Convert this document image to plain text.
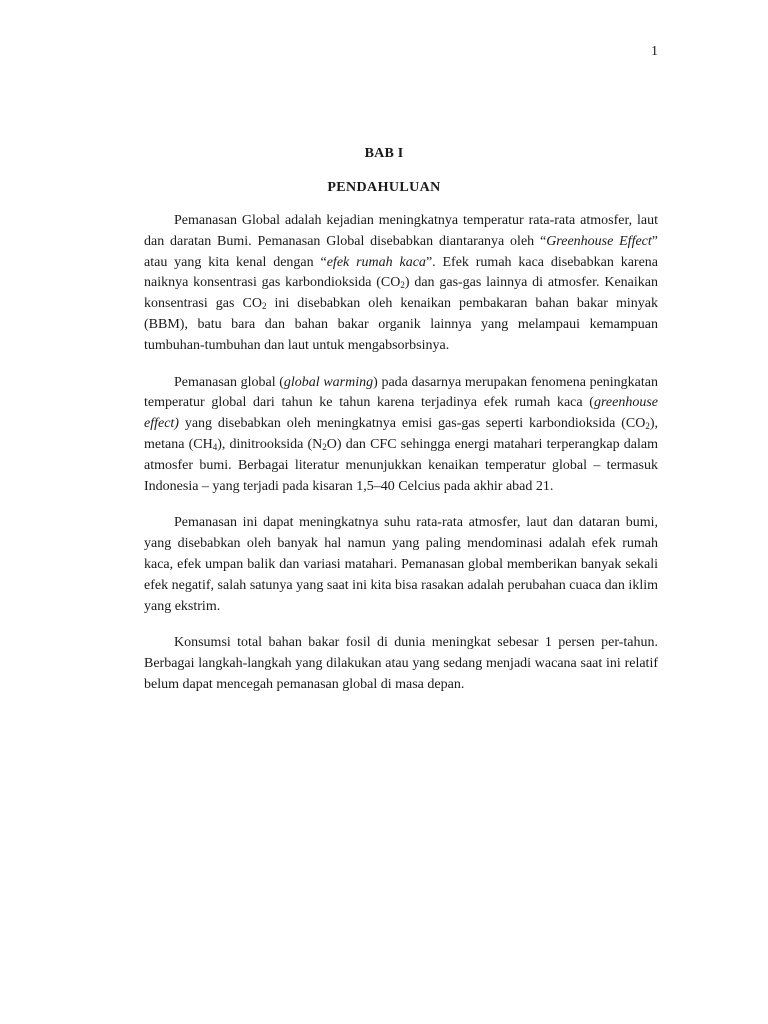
1
BAB I
PENDAHULUAN

Pemanasan Global adalah kejadian meningkatnya temperatur rata-rata atmosfer, laut dan daratan Bumi. Pemanasan Global disebabkan diantaranya oleh “Greenhouse Effect” atau yang kita kenal dengan “efek rumah kaca”. Efek rumah kaca disebabkan karena naiknya konsentrasi gas karbondioksida $(CO_2)$ dan gas-gas lainnya di atmosfer. Kenaikan konsentrasi gas $CO_2$ ini disebabkan oleh kenaikan pembakaran bahan bakar minyak (BBM), batu bara dan bahan bakar organik lainnya yang melampaui kemampuan tumbuhan-tumbuhan dan laut untuk mengabsorbsinya.

Pemanasan global (global warming) pada dasarnya merupakan fenomena peningkatan temperatur global dari tahun ke tahun karena terjadinya efek rumah kaca (greenhouse effect) yang disebabkan oleh meningkatnya emisi gas-gas seperti karbondioksida $(CO_2)$, metana $(CH_4)$, dinitrooksida $(N_2O)$ dan CFC sehingga energi matahari terperangkap dalam atmosfer bumi. Berbagai literatur menunjukkan kenaikan temperatur global – termasuk Indonesia – yang terjadi pada kisaran 1,5–40 Celcius pada akhir abad 21.

Pemanasan ini dapat meningkatnya suhu rata-rata atmosfer, laut dan dataran bumi, yang disebabkan oleh banyak hal namun yang paling mendominasi adalah efek rumah kaca, efek umpan balik dan variasi matahari. Pemanasan global memberikan banyak sekali efek negatif, salah satunya yang saat ini kita bisa rasakan adalah perubahan cuaca dan iklim yang ekstrim.

Konsumsi total bahan bakar fosil di dunia meningkat sebesar 1 persen per-tahun. Berbagai langkah-langkah yang dilakukan atau yang sedang menjadi wacana saat ini relatif belum dapat mencegah pemanasan global di masa depan.
